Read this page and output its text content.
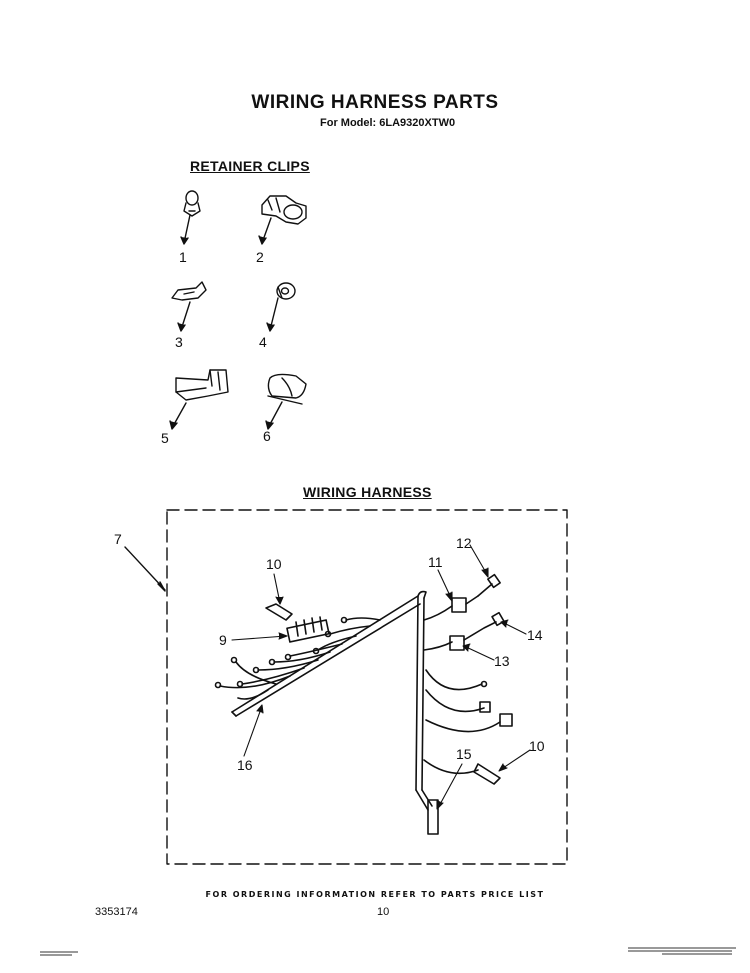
WIRING HARNESS PARTS
For Model: 6LA9320XTW0
RETAINER CLIPS
WIRING HARNESS
1	2
3	4
5	6
7
9
10
10
11
12
13
14
15
16
FOR ORDERING INFORMATION REFER TO PARTS PRICE LIST
3353174	10
